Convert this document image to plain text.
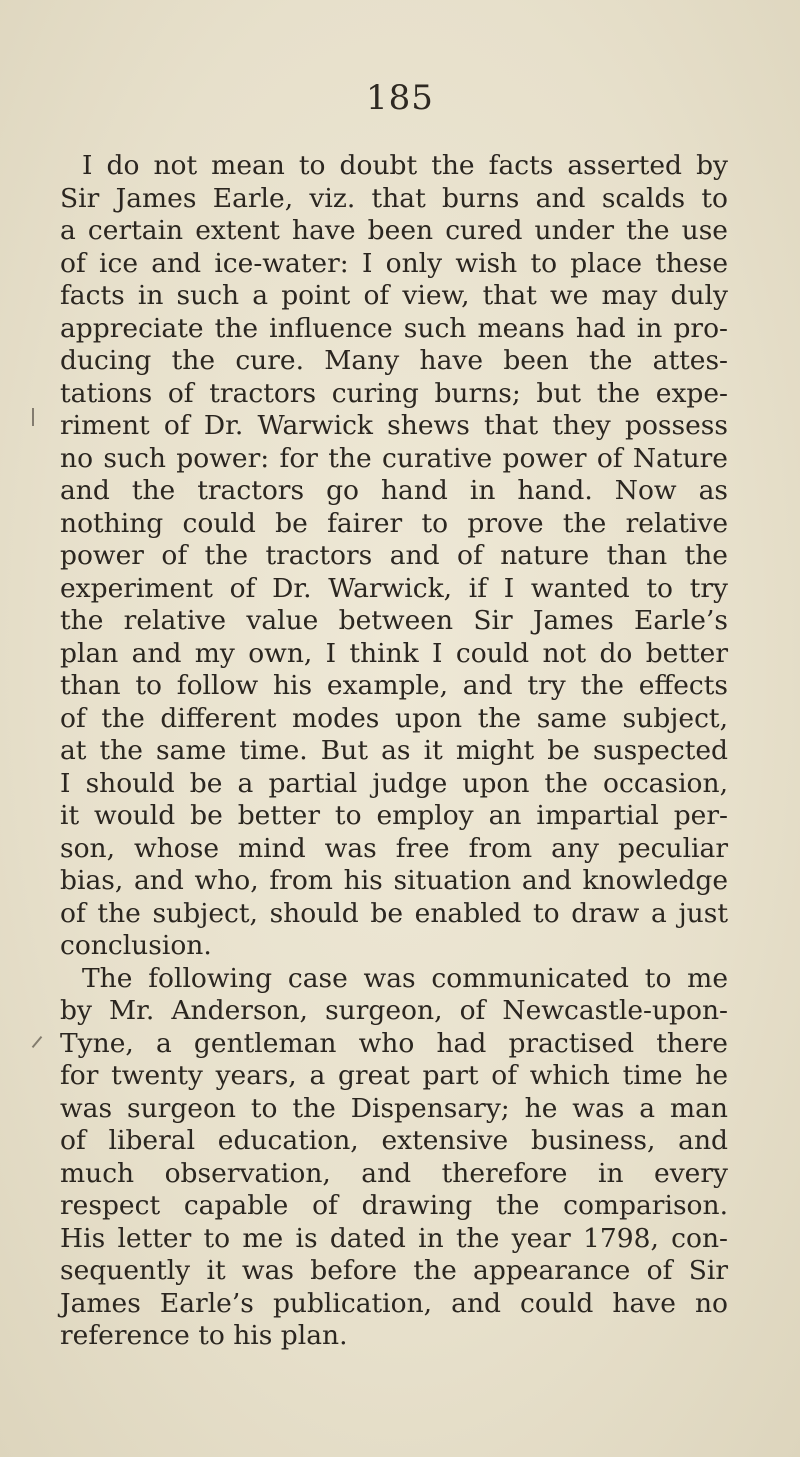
185
I do not mean to doubt the facts asserted by
Sir James Earle, viz. that burns and scalds to
a certain extent have been cured under the use
of ice and ice-water: I only wish to place these
facts in such a point of view, that we may duly
appreciate the influence such means had in pro-
ducing the cure. Many have been the attes-
tations of tractors curing burns; but the expe-
riment of Dr. Warwick shews that they possess
no such power: for the curative power of Nature
and the tractors go hand in hand. Now as
nothing could be fairer to prove the relative
power of the tractors and of nature than the
experiment of Dr. Warwick, if I wanted to try
the relative value between Sir James Earle’s
plan and my own, I think I could not do better
than to follow his example, and try the effects
of the different modes upon the same subject,
at the same time. But as it might be suspected
I should be a partial judge upon the occasion,
it would be better to employ an impartial per-
son, whose mind was free from any peculiar
bias, and who, from his situation and knowledge
of the subject, should be enabled to draw a just
conclusion.
The following case was communicated to me
by Mr. Anderson, surgeon, of Newcastle-upon-
Tyne, a gentleman who had practised there
for twenty years, a great part of which time he
was surgeon to the Dispensary; he was a man
of liberal education, extensive business, and
much observation, and therefore in every
respect capable of drawing the comparison.
His letter to me is dated in the year 1798, con-
sequently it was before the appearance of Sir
James Earle’s publication, and could have no
reference to his plan.
